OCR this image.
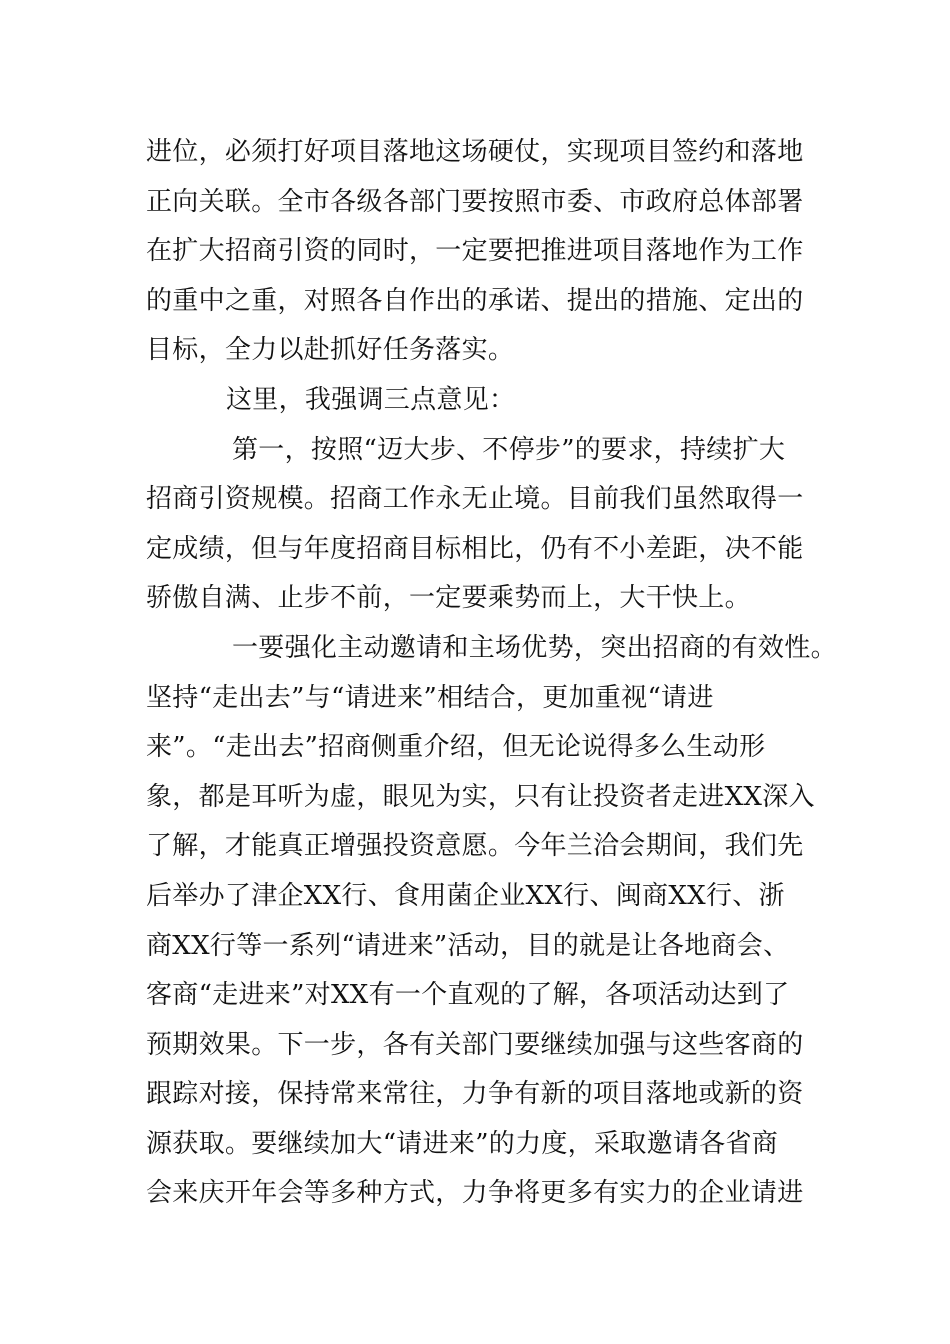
进位，必须打好项目落地这场硬仗，实现项目签约和落地
正向关联。全市各级各部门要按照市委、市政府总体部署
在扩大招商引资的同时，一定要把推进项目落地作为工作
的重中之重，对照各自作出的承诺、提出的措施、定出的
目标，全力以赴抓好任务落实。
这里，我强调三点意见：
第一，按照“迈大步、不停步”的要求，持续扩大
招商引资规模。招商工作永无止境。目前我们虽然取得一
定成绩，但与年度招商目标相比，仍有不小差距，决不能
骄傲自满、止步不前，一定要乘势而上，大干快上。
一要强化主动邀请和主场优势，突出招商的有效性。
坚持“走出去”与“请进来”相结合，更加重视“请进
来”。“走出去”招商侧重介绍，但无论说得多么生动形
象，都是耳听为虚，眼见为实，只有让投资者走进XX深入
了解，才能真正增强投资意愿。今年兰洽会期间，我们先
后举办了津企XX行、食用菌企业XX行、闽商XX行、浙
商XX行等一系列“请进来”活动，目的就是让各地商会、
客商“走进来”对XX有一个直观的了解，各项活动达到了
预期效果。下一步，各有关部门要继续加强与这些客商的
跟踪对接，保持常来常往，力争有新的项目落地或新的资
源获取。要继续加大“请进来”的力度，采取邀请各省商
会来庆开年会等多种方式，力争将更多有实力的企业请进
